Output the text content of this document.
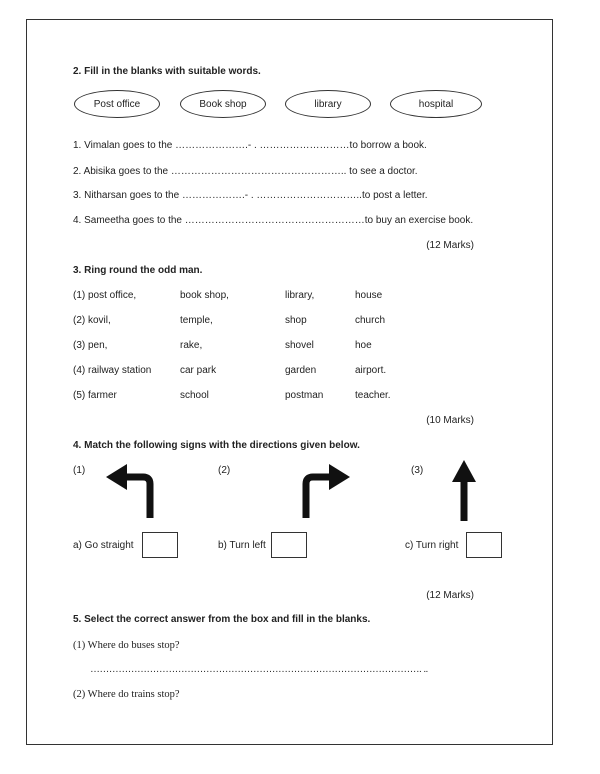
2. Fill in the blanks with suitable words.
Post office	Book shop	library	hospital
1. Vimalan goes to the ………………….- . ………………………to borrow a book.
2. Abisika goes to the …………………………………………….. to see a doctor.
3. Nitharsan goes to the ……………….- . …………………………..to post a letter.
4. Sameetha goes to the ………………………………………………to buy an exercise book.
(12 Marks)
3. Ring round the odd man.
(1) post office,	book shop,	library,	house
(2) kovil,	temple,	shop	church
(3) pen,	rake,	shovel	hoe
(4) railway station	car park	garden	airport.
(5) farmer	school	postman	teacher.
(10 Marks)
4. Match the following signs with the directions given below.
(1)	(2)	(3)
a) Go straight	b) Turn left	c) Turn right
(12 Marks)
5. Select the correct answer from the box and fill in the blanks.
(1) Where do buses stop?
……………………………………………………………………………………………. ..
(2) Where do trains stop?
